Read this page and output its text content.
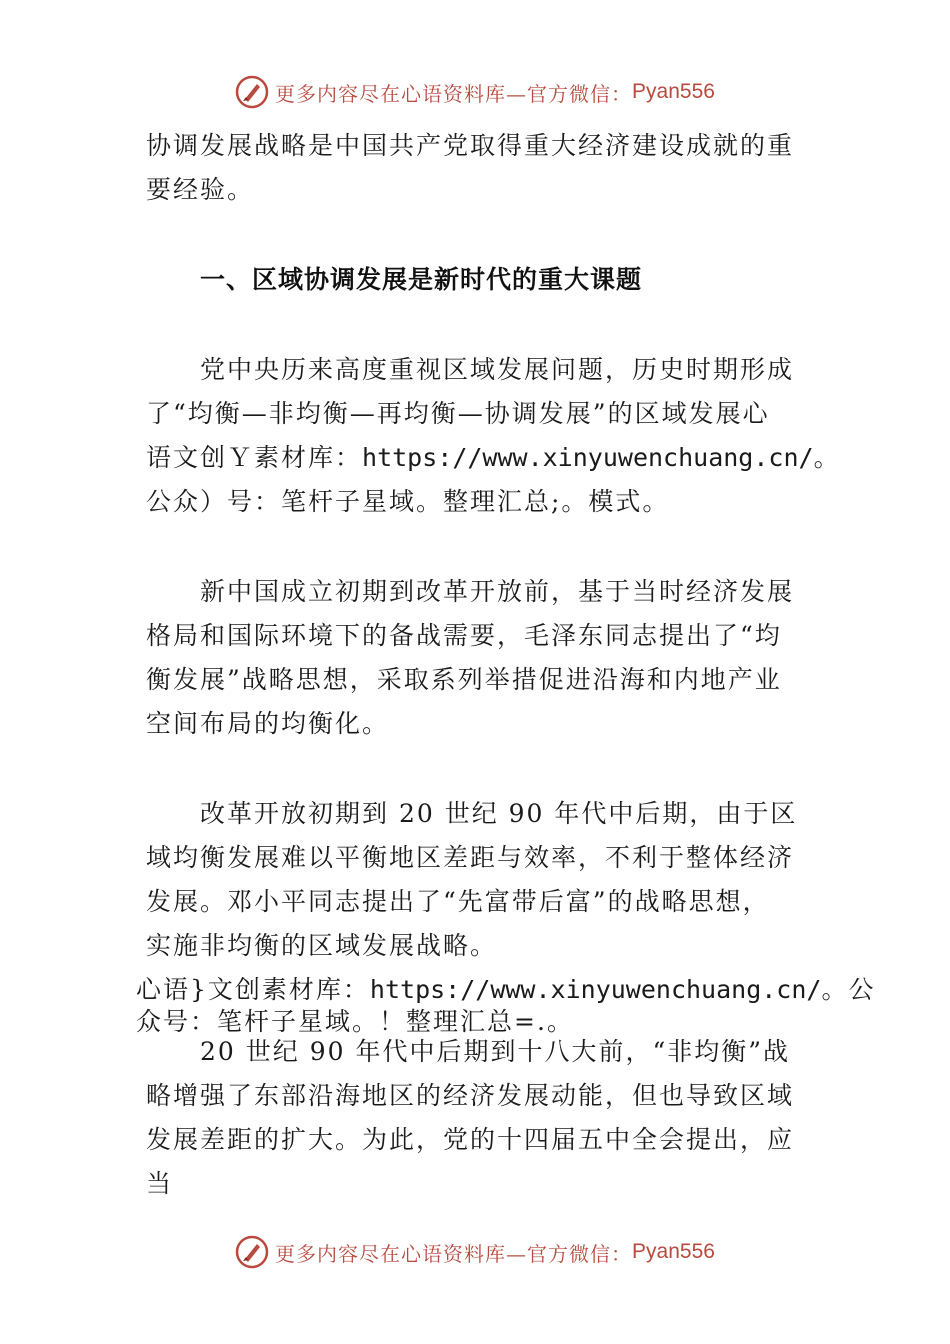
更多内容尽在心语资料库—官方微信： Pyan556
协调发展战略是中国共产党取得重大经济建设成就的重
要经验。
一、区域协调发展是新时代的重大课题
党中央历来高度重视区域发展问题，历史时期形成
了“均衡—非均衡—再均衡—协调发展”的区域发展心
语文创Ｙ素材库：https://www.xinyuwenchuang.cn/。
公众）号：笔杆子星域。整理汇总;。模式。
新中国成立初期到改革开放前，基于当时经济发展
格局和国际环境下的备战需要，毛泽东同志提出了“均
衡发展”战略思想，采取系列举措促进沿海和内地产业
空间布局的均衡化。
改革开放初期到 20 世纪 90 年代中后期，由于区
域均衡发展难以平衡地区差距与效率，不利于整体经济
发展。邓小平同志提出了“先富带后富”的战略思想，
实施非均衡的区域发展战略。
心语}文创素材库：https://www.xinyuwenchuang.cn/。公
众号：笔杆子星域。！整理汇总=.。
20 世纪 90 年代中后期到十八大前，“非均衡”战
略增强了东部沿海地区的经济发展动能，但也导致区域
发展差距的扩大。为此，党的十四届五中全会提出，应
当
更多内容尽在心语资料库—官方微信： Pyan556
